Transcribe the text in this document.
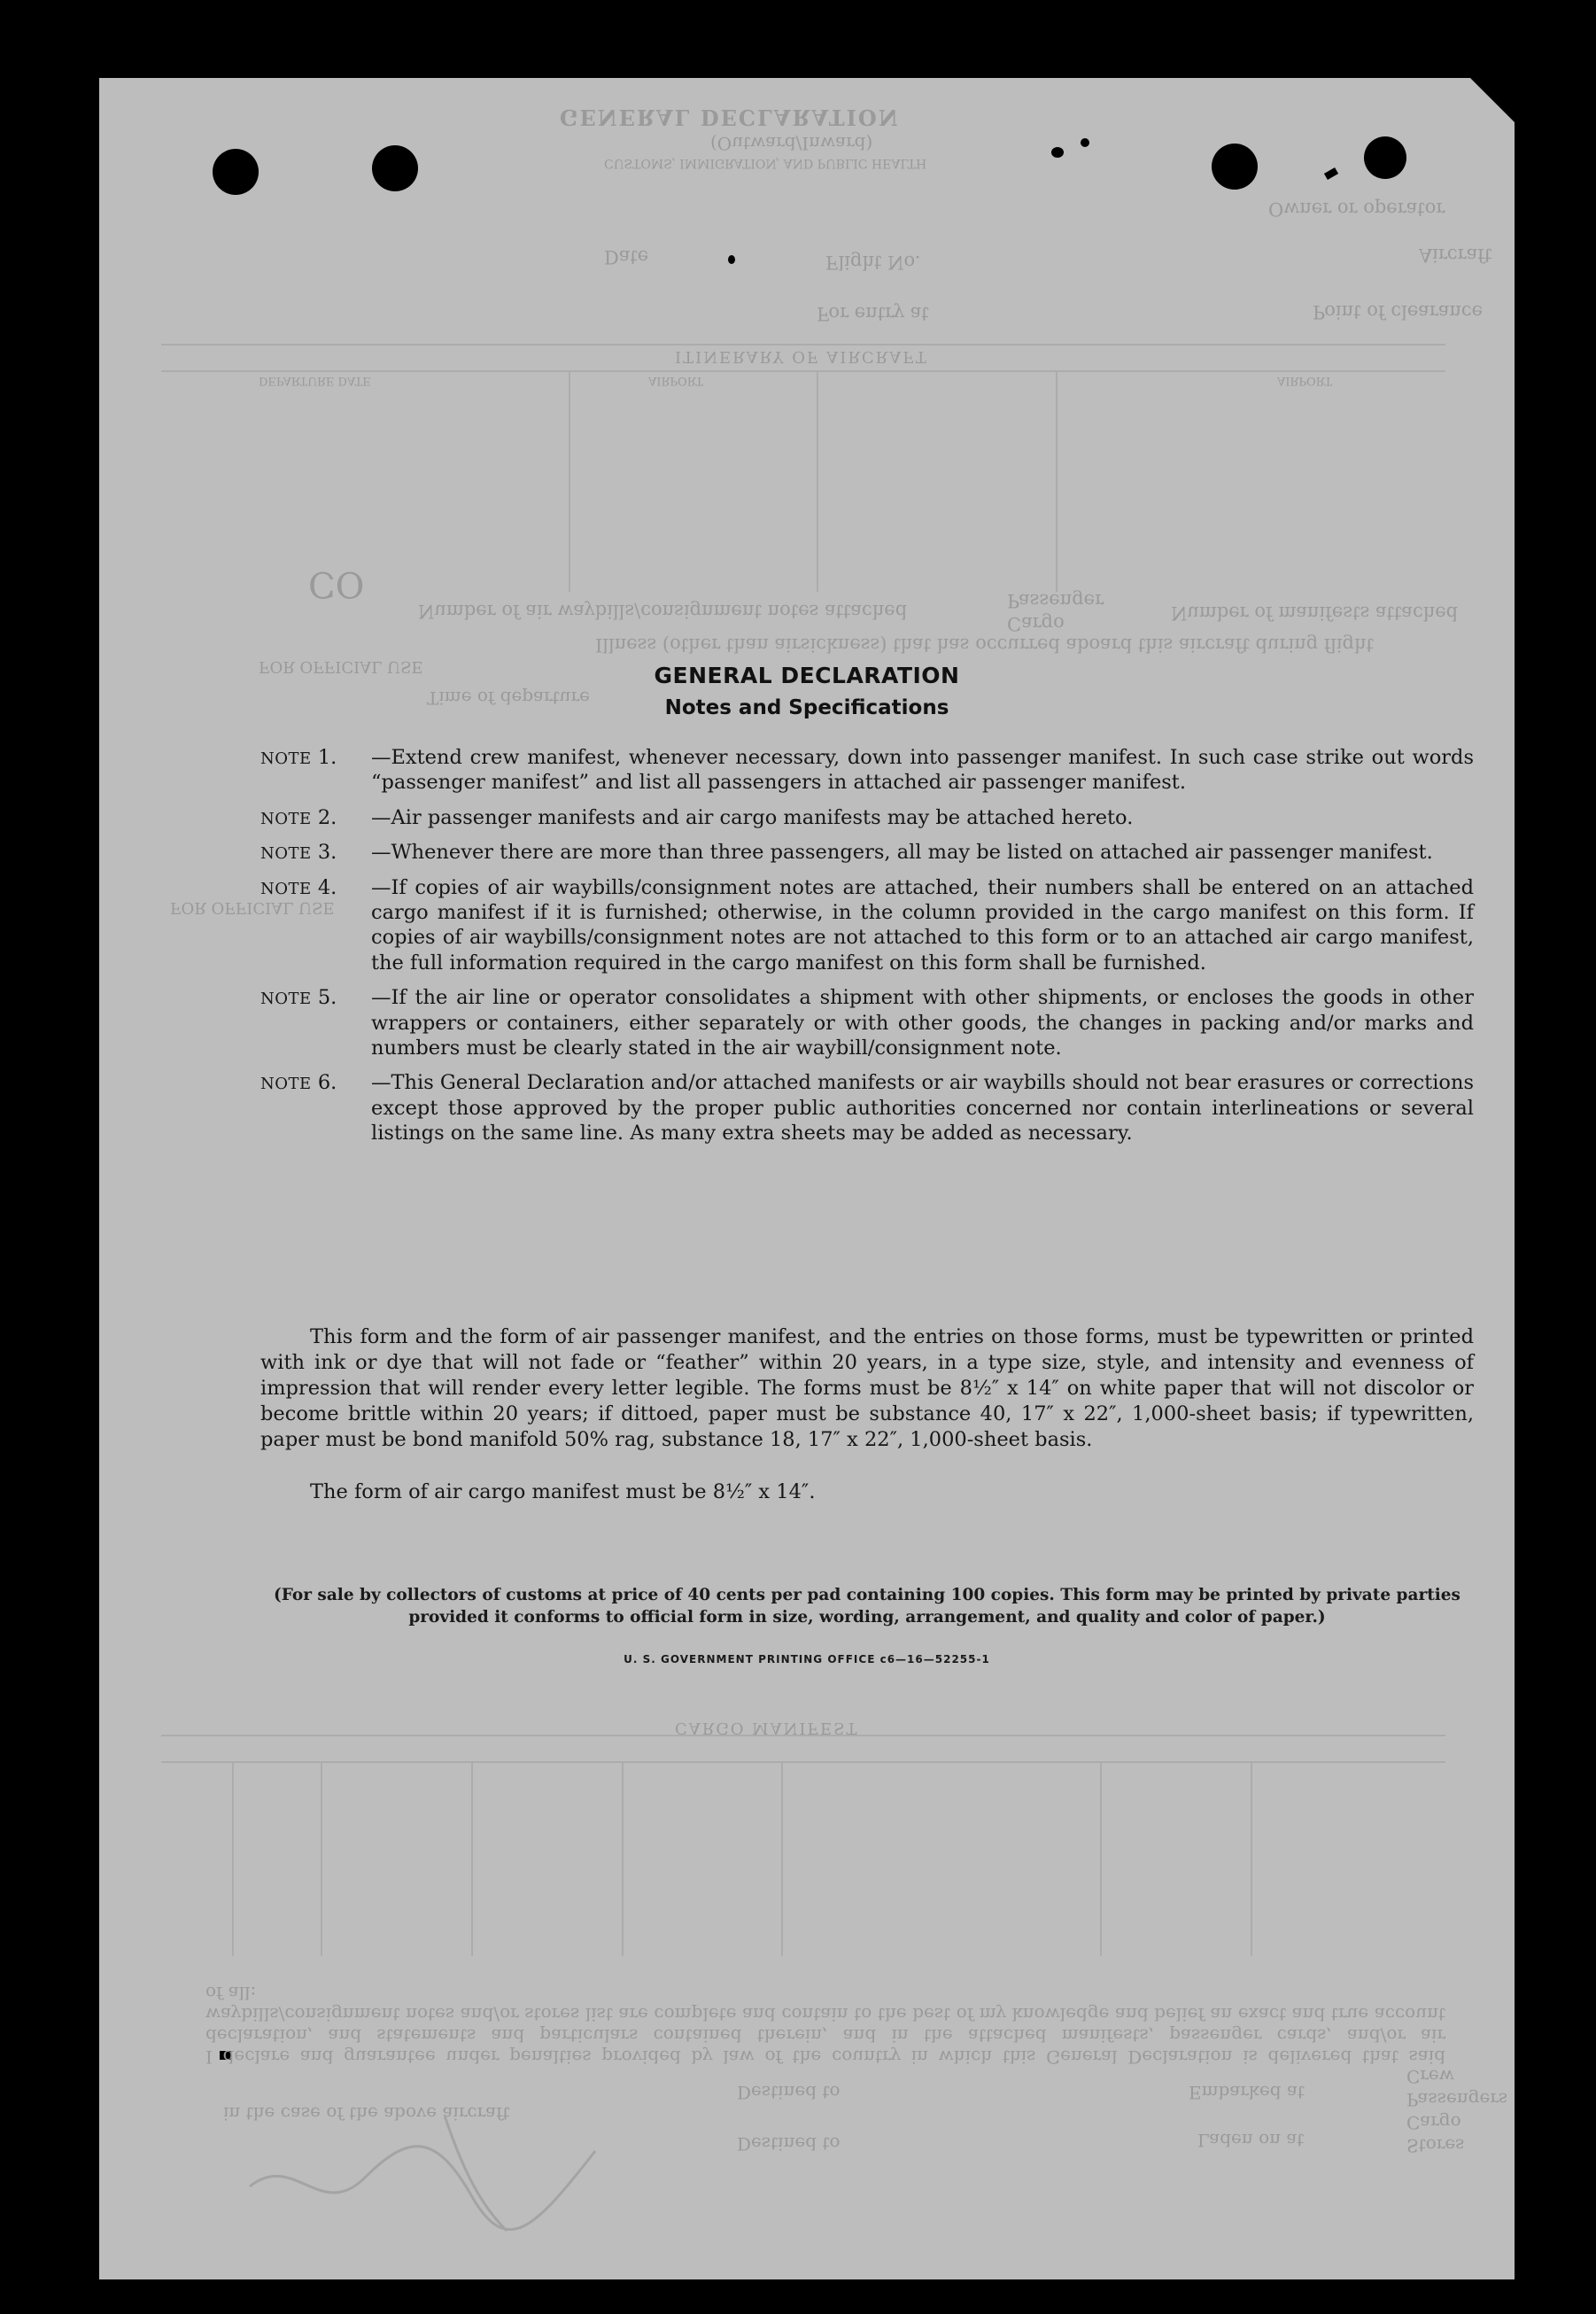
GENERAL DECLARATION
(Outward/Inward)
CUSTOMS, IMMIGRATION, AND PUBLIC HEALTH
Owner or operator
Aircraft
Flight No.
Date
Point of clearance
For entry at
ITINERARY OF AIRCRAFT
AIRPORT
AIRPORT
DEPARTURE DATE
CO
Number of manifests attached
Passenger
Cargo
Number of air waybills/consignment notes attached
Illness (other than airsickness) that has occurred aboard this aircraft during flight
FOR OFFICIAL USE
Time of departure
FOR OFFICIAL USE
CARGO MANIFEST
I declare and guarantee under penalties provided by law of the country in which this General Declaration is delivered that said declaration, and statements and particulars contained therein, and in the attached manifests, passenger cards, and/or air waybills/consignment notes and/or stores list are complete and contain to the best of my knowledge and belief an exact and true account of all:
Crew
Passengers
Cargo
Stores
Embarked at
Destined to
Laden on at
Destined to
in the case of the above aircraft
GENERAL DECLARATION
Notes and Specifications
NOTE 1. —Extend crew manifest, whenever necessary, down into passenger manifest. In such case strike out words “passenger manifest” and list all passengers in attached air passenger manifest.
NOTE 2. —Air passenger manifests and air cargo manifests may be attached hereto.
NOTE 3. —Whenever there are more than three passengers, all may be listed on attached air passenger manifest.
NOTE 4. —If copies of air waybills/consignment notes are attached, their numbers shall be entered on an attached cargo manifest if it is furnished; otherwise, in the column provided in the cargo manifest on this form. If copies of air waybills/consignment notes are not attached to this form or to an attached air cargo manifest, the full information required in the cargo manifest on this form shall be furnished.
NOTE 5. —If the air line or operator consolidates a shipment with other shipments, or encloses the goods in other wrappers or containers, either separately or with other goods, the changes in packing and/or marks and numbers must be clearly stated in the air waybill/consignment note.
NOTE 6. —This General Declaration and/or attached manifests or air waybills should not bear erasures or corrections except those approved by the proper public authorities concerned nor contain interlineations or several listings on the same line. As many extra sheets may be added as necessary.
This form and the form of air passenger manifest, and the entries on those forms, must be typewritten or printed with ink or dye that will not fade or “feather” within 20 years, in a type size, style, and intensity and evenness of impression that will render every letter legible. The forms must be 8½″ x 14″ on white paper that will not discolor or become brittle within 20 years; if dittoed, paper must be substance 40, 17″ x 22″, 1,000-sheet basis; if typewritten, paper must be bond manifold 50% rag, substance 18, 17″ x 22″, 1,000-sheet basis.
The form of air cargo manifest must be 8½″ x 14″.
(For sale by collectors of customs at price of 40 cents per pad containing 100 copies. This form may be printed by private parties provided it conforms to official form in size, wording, arrangement, and quality and color of paper.)
U. S. GOVERNMENT PRINTING OFFICE c6—16—52255-1
